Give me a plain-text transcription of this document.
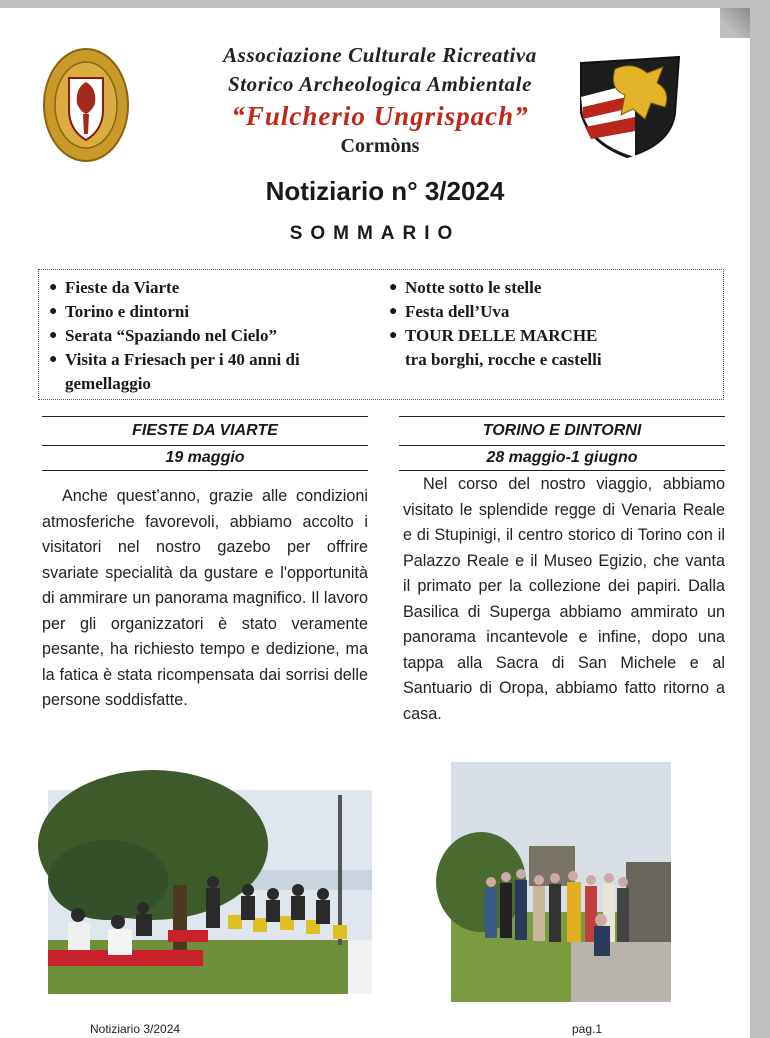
Associazione Culturale Ricreativa
Storico Archeologica Ambientale
“Fulcherio Ungrispach”
Cormòns
Notiziario n° 3/2024
SOMMARIO
● Fieste da Viarte
● Torino e dintorni
● Serata “Spaziando nel Cielo”
● Visita a Friesach per i 40 anni di gemellaggio
● Notte sotto le stelle
● Festa dell’Uva
● TOUR DELLE MARCHE
tra borghi, rocche e castelli
FIESTE DA VIARTE
19 maggio
Anche quest’anno, grazie alle condizioni atmosferiche favorevoli, abbiamo accolto i visitatori nel nostro gazebo per offrire svariate specialità da gustare e l'opportunità di ammirare un panorama magnifico. Il lavoro per gli organizzatori è stato veramente pesante, ha richiesto tempo e dedizione, ma la fatica è stata ricompensata dai sorrisi delle persone soddisfatte.
TORINO E DINTORNI
28 maggio-1 giugno
Nel corso del nostro viaggio, abbiamo visitato le splendide regge di Venaria Reale e di Stupinigi, il centro storico di Torino con il Palazzo Reale e il Museo Egizio, che vanta il primato per la collezione dei papiri. Dalla Basilica di Superga abbiamo ammirato un panorama incantevole e infine, dopo una tappa alla Sacra di San Michele e al Santuario di Oropa, abbiamo fatto ritorno a casa.
Notiziario 3/2024	pag.1
